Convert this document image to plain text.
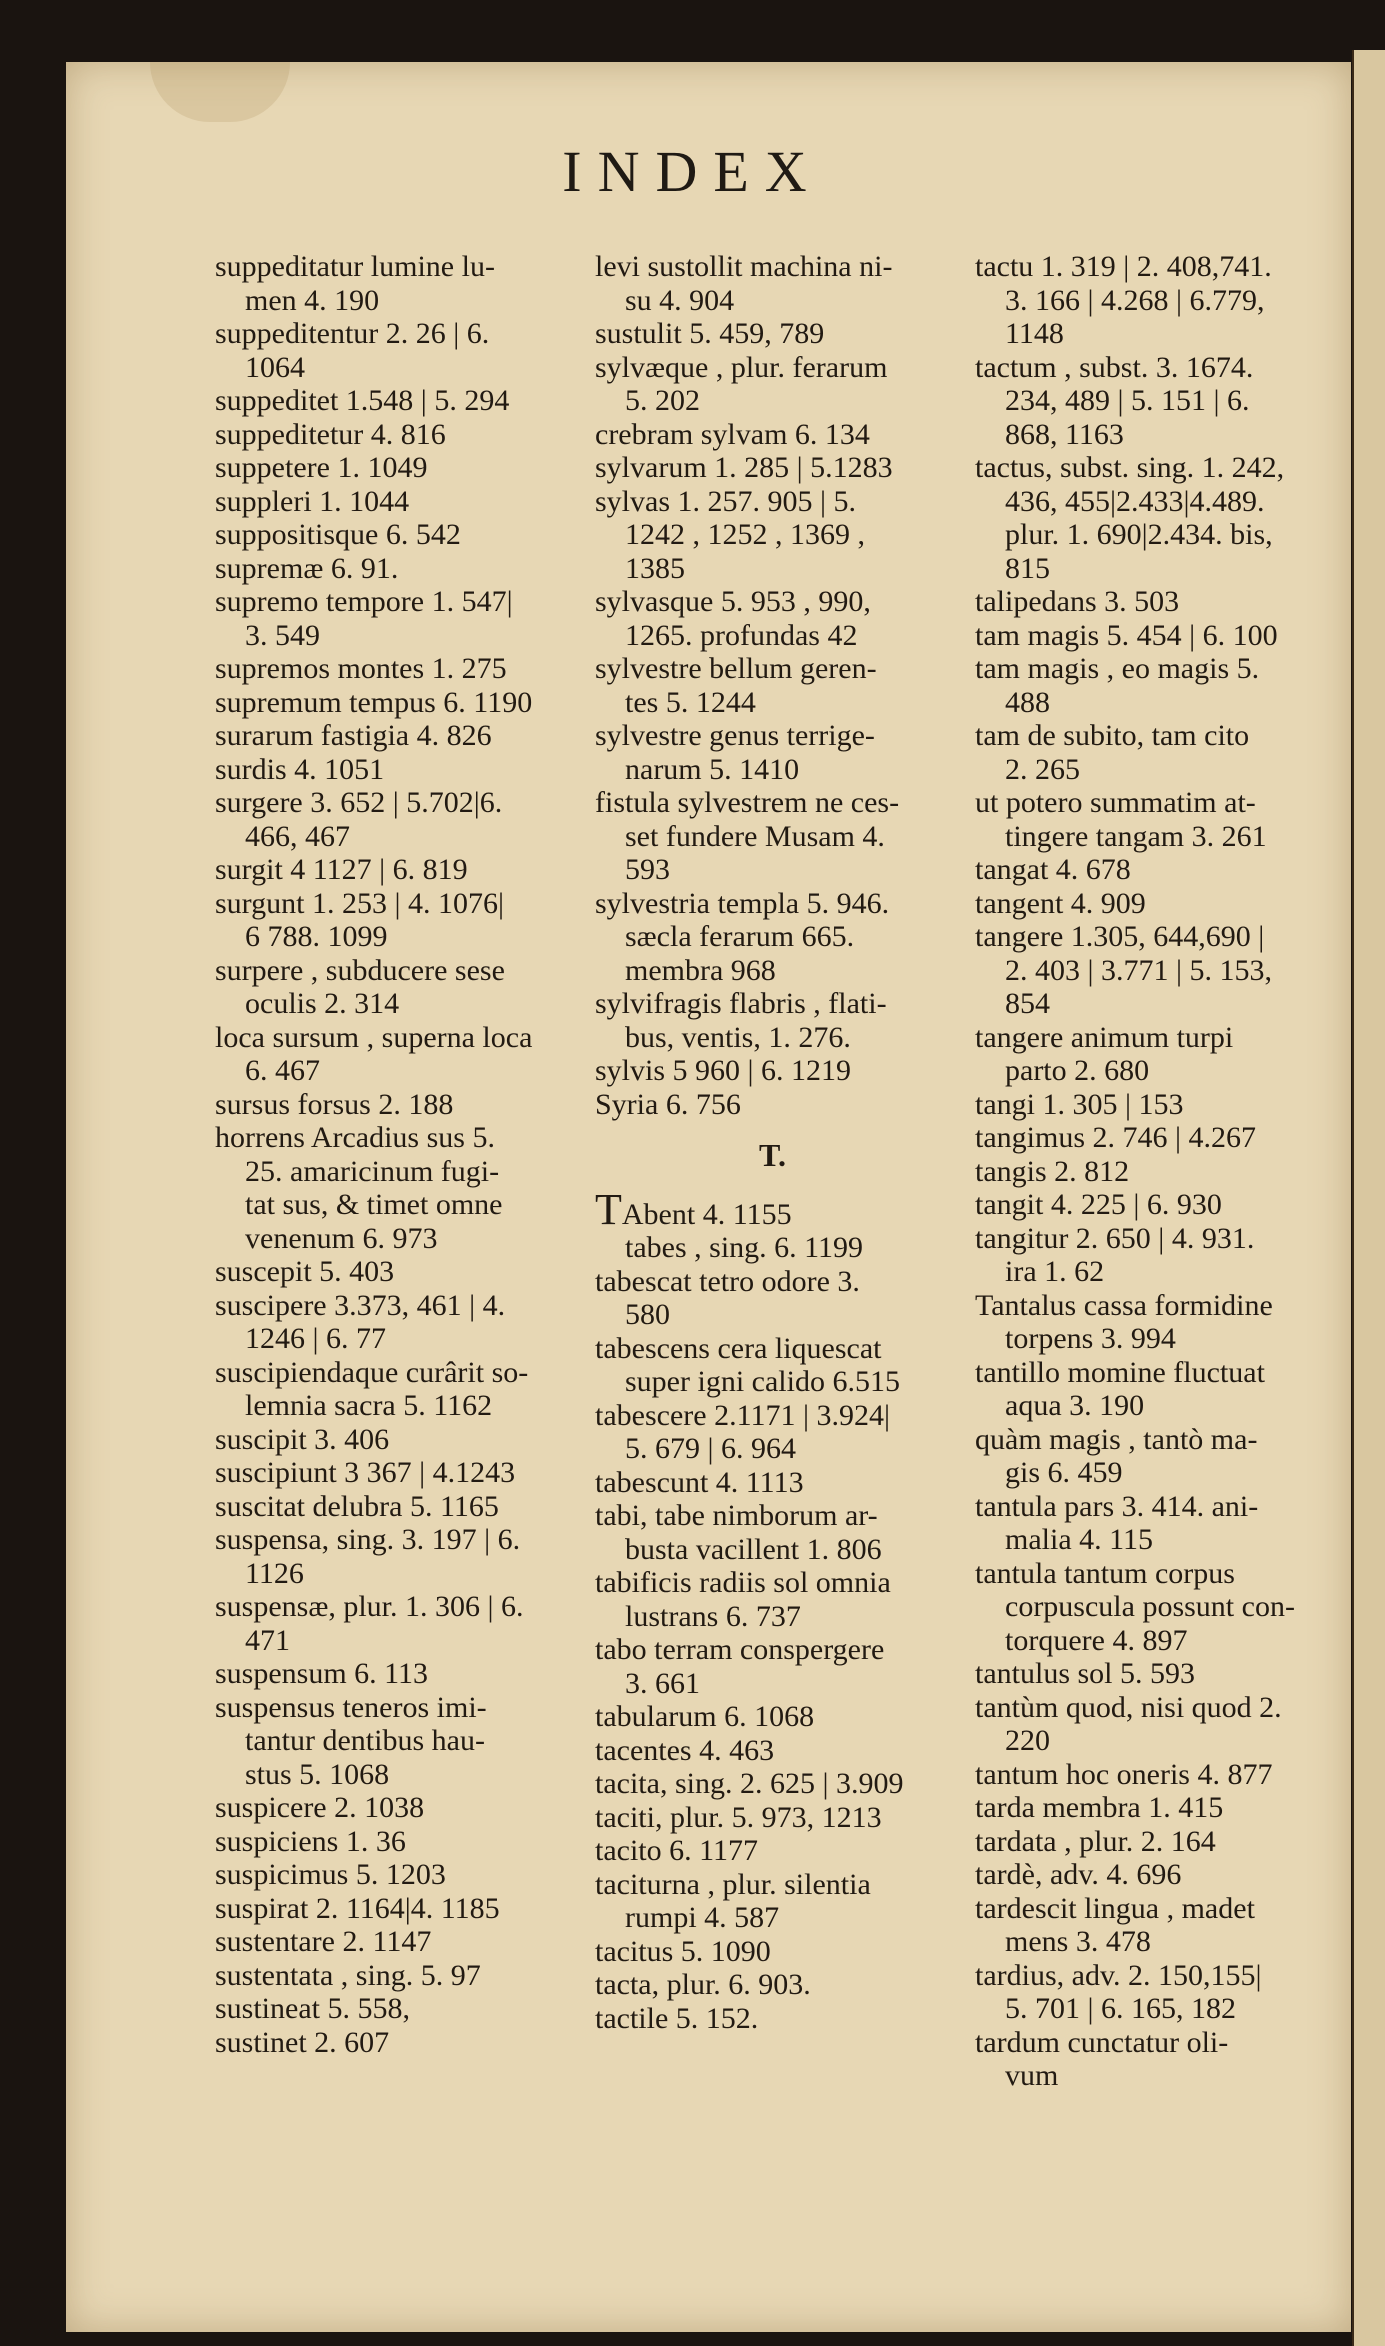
INDEX
suppeditatur lumine lu-
men 4. 190
suppeditentur 2. 26 | 6.
1064
suppeditet 1.548 | 5. 294
suppeditetur 4. 816
suppetere 1. 1049
suppleri 1. 1044
suppositisque 6. 542
supremæ 6. 91.
supremo tempore 1. 547|
3. 549
supremos montes 1. 275
supremum tempus 6. 1190
surarum fastigia 4. 826
surdis 4. 1051
surgere 3. 652 | 5.702|6.
466, 467
surgit 4 1127 | 6. 819
surgunt 1. 253 | 4. 1076|
6 788. 1099
surpere , subducere sese
oculis 2. 314
loca sursum , superna loca
6. 467
sursus forsus 2. 188
horrens Arcadius sus 5.
25. amaricinum fugi-
tat sus, & timet omne
venenum 6. 973
suscepit 5. 403
suscipere 3.373, 461 | 4.
1246 | 6. 77
suscipiendaque curârit so-
lemnia sacra 5. 1162
suscipit 3. 406
suscipiunt 3 367 | 4.1243
suscitat delubra 5. 1165
suspensa, sing. 3. 197 | 6.
1126
suspensæ, plur. 1. 306 | 6.
471
suspensum 6. 113
suspensus teneros imi-
tantur dentibus hau-
stus 5. 1068
suspicere 2. 1038
suspiciens 1. 36
suspicimus 5. 1203
suspirat 2. 1164|4. 1185
sustentare 2. 1147
sustentata , sing. 5. 97
sustineat 5. 558,
sustinet 2. 607
levi sustollit machina ni-
su 4. 904
sustulit 5. 459, 789
sylvæque , plur. ferarum
5. 202
crebram sylvam 6. 134
sylvarum 1. 285 | 5.1283
sylvas 1. 257. 905 | 5.
1242 , 1252 , 1369 ,
1385
sylvasque 5. 953 , 990,
1265. profundas 42
sylvestre bellum geren-
tes 5. 1244
sylvestre genus terrige-
narum 5. 1410
fistula sylvestrem ne ces-
set fundere Musam 4.
593
sylvestria templa 5. 946.
sæcla ferarum 665.
membra 968
sylvifragis flabris , flati-
bus, ventis, 1. 276.
sylvis 5 960 | 6. 1219
Syria 6. 756
T.
TAbent 4. 1155
tabes , sing. 6. 1199
tabescat tetro odore 3.
580
tabescens cera liquescat
super igni calido 6.515
tabescere 2.1171 | 3.924|
5. 679 | 6. 964
tabescunt 4. 1113
tabi, tabe nimborum ar-
busta vacillent 1. 806
tabificis radiis sol omnia
lustrans 6. 737
tabo terram conspergere
3. 661
tabularum 6. 1068
tacentes 4. 463
tacita, sing. 2. 625 | 3.909
taciti, plur. 5. 973, 1213
tacito 6. 1177
taciturna , plur. silentia
rumpi 4. 587
tacitus 5. 1090
tacta, plur. 6. 903.
tactile 5. 152.
tactu 1. 319 | 2. 408,741.
3. 166 | 4.268 | 6.779,
1148
tactum , subst. 3. 1674.
234, 489 | 5. 151 | 6.
868, 1163
tactus, subst. sing. 1. 242,
436, 455|2.433|4.489.
plur. 1. 690|2.434. bis,
815
talipedans 3. 503
tam magis 5. 454 | 6. 100
tam magis , eo magis 5.
488
tam de subito, tam cito
2. 265
ut potero summatim at-
tingere tangam 3. 261
tangat 4. 678
tangent 4. 909
tangere 1.305, 644,690 |
2. 403 | 3.771 | 5. 153,
854
tangere animum turpi
parto 2. 680
tangi 1. 305 | 153
tangimus 2. 746 | 4.267
tangis 2. 812
tangit 4. 225 | 6. 930
tangitur 2. 650 | 4. 931.
ira 1. 62
Tantalus cassa formidine
torpens 3. 994
tantillo momine fluctuat
aqua 3. 190
quàm magis , tantò ma-
gis 6. 459
tantula pars 3. 414. ani-
malia 4. 115
tantula tantum corpus
corpuscula possunt con-
torquere 4. 897
tantulus sol 5. 593
tantùm quod, nisi quod 2.
220
tantum hoc oneris 4. 877
tarda membra 1. 415
tardata , plur. 2. 164
tardè, adv. 4. 696
tardescit lingua , madet
mens 3. 478
tardius, adv. 2. 150,155|
5. 701 | 6. 165, 182
tardum cunctatur oli-
vum
